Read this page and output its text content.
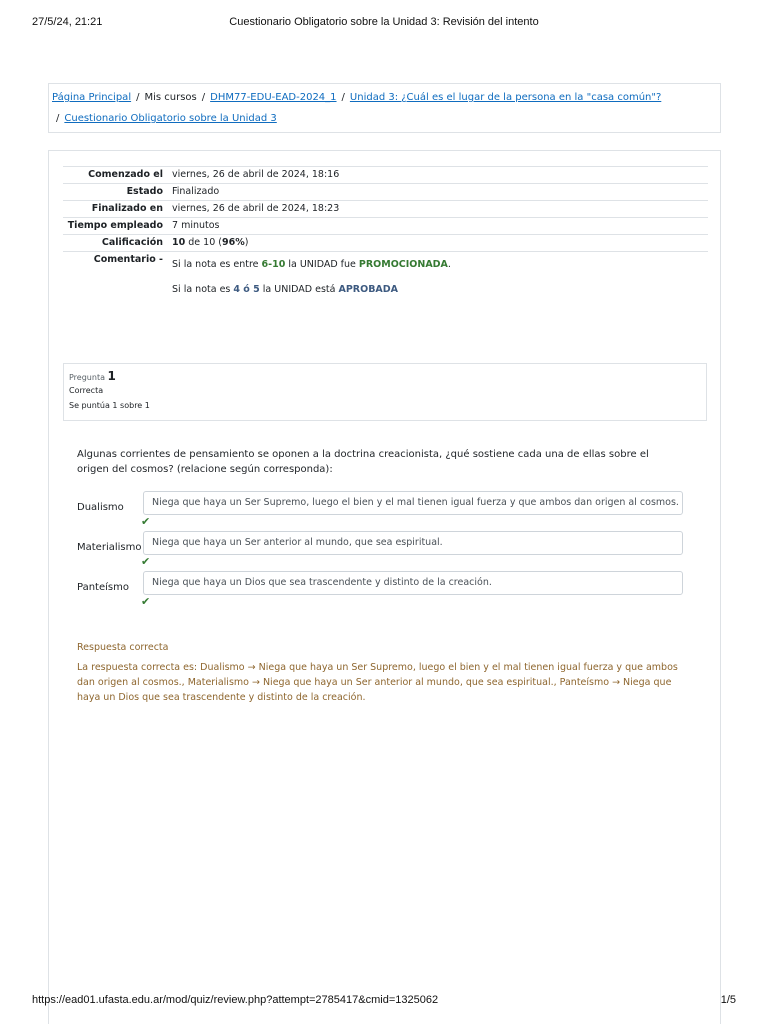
27/5/24, 21:21	Cuestionario Obligatorio sobre la Unidad 3: Revisión del intento
Página Principal / Mis cursos / DHM77-EDU-EAD-2024_1 / Unidad 3: ¿Cuál es el lugar de la persona en la "casa común"?
/ Cuestionario Obligatorio sobre la Unidad 3
Comenzado el viernes, 26 de abril de 2024, 18:16
Estado Finalizado
Finalizado en viernes, 26 de abril de 2024, 18:23
Tiempo empleado 7 minutos
Calificación 10 de 10 (96%)
Comentario - Si la nota es entre 6-10 la UNIDAD fue PROMOCIONADA.

Si la nota es 4 ó 5 la UNIDAD está APROBADA

Pregunta 1
Correcta
Se puntúa 1 sobre 1
Algunas corrientes de pensamiento se oponen a la doctrina creacionista, ¿qué sostiene cada una de ellas sobre el origen del cosmos? (relacione según corresponda):
Dualismo	Niega que haya un Ser Supremo, luego el bien y el mal tienen igual fuerza y que ambos dan origen al cosmos.
✔
Materialismo	Niega que haya un Ser anterior al mundo, que sea espiritual.
✔
Panteísmo	Niega que haya un Dios que sea trascendente y distinto de la creación.
✔
Respuesta correcta
La respuesta correcta es: Dualismo → Niega que haya un Ser Supremo, luego el bien y el mal tienen igual fuerza y que ambos dan origen al cosmos., Materialismo → Niega que haya un Ser anterior al mundo, que sea espiritual., Panteísmo → Niega que haya un Dios que sea trascendente y distinto de la creación.
https://ead01.ufasta.edu.ar/mod/quiz/review.php?attempt=2785417&cmid=1325062	1/5
